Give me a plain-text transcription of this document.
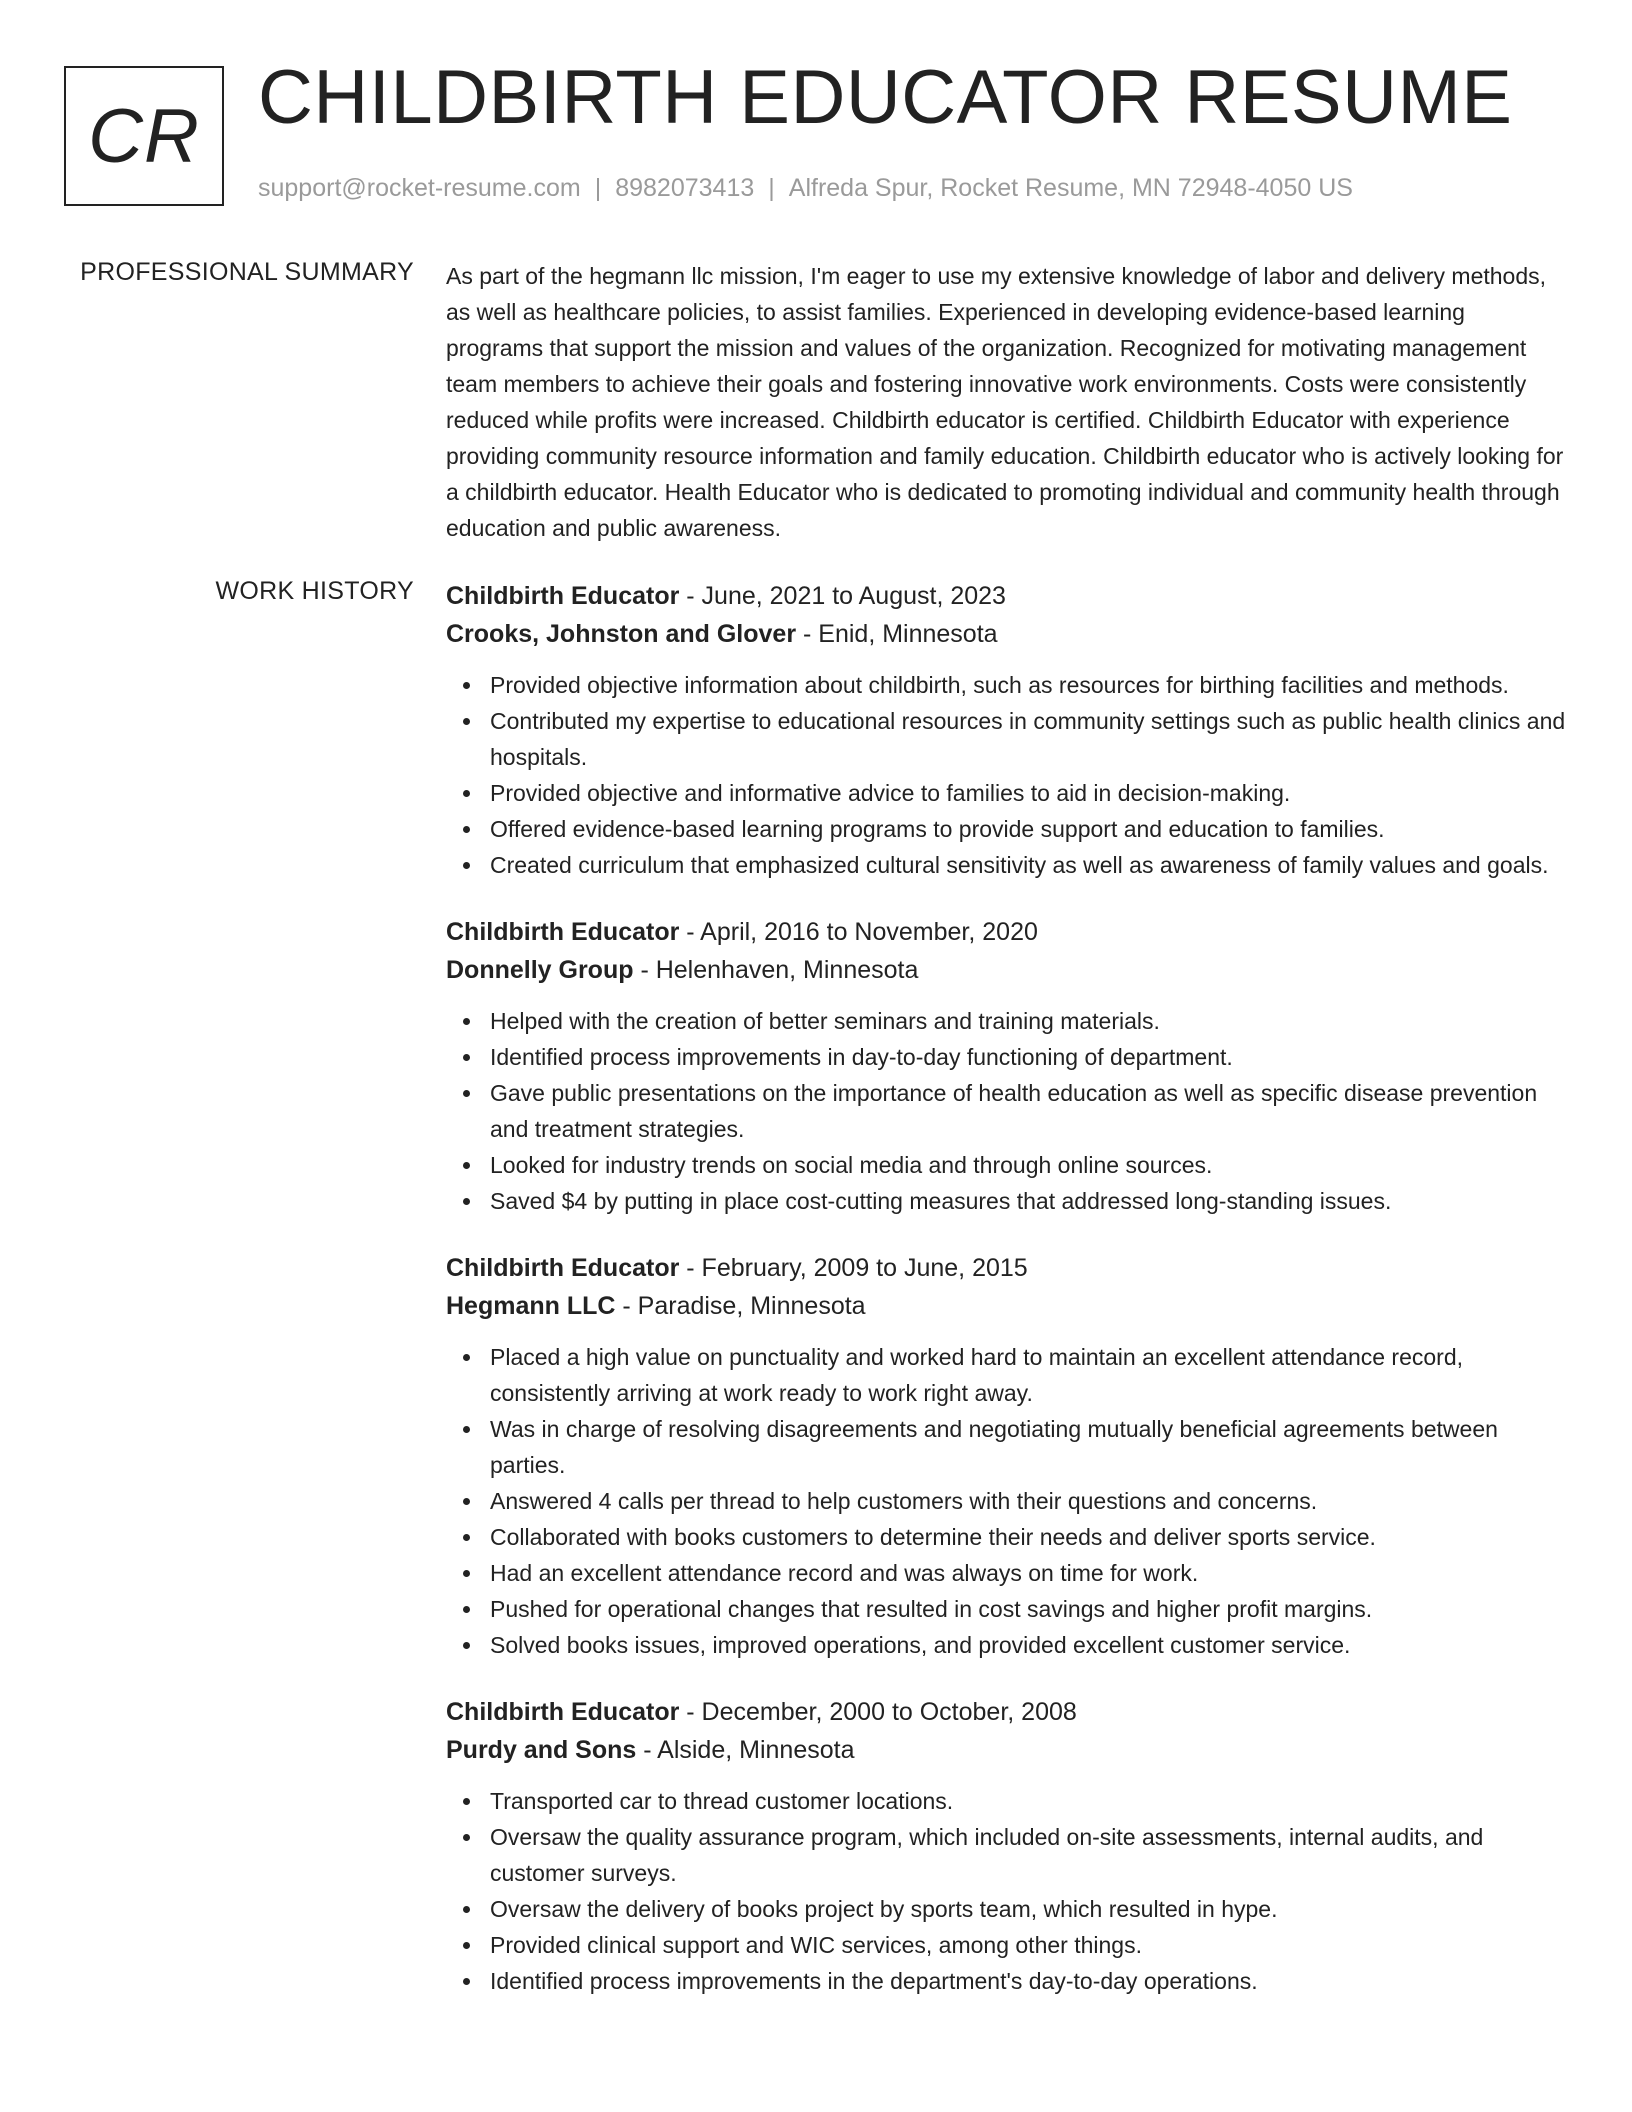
CR CHILDBIRTH EDUCATOR RESUME
support@rocket-resume.com | 8982073413 | Alfreda Spur, Rocket Resume, MN 72948-4050 US
PROFESSIONAL SUMMARY As part of the hegmann llc mission, I'm eager to use my extensive knowledge of labor and delivery methods, as well as healthcare policies, to assist families. Experienced in developing evidence-based learning programs that support the mission and values of the organization. Recognized for motivating management team members to achieve their goals and fostering innovative work environments. Costs were consistently reduced while profits were increased. Childbirth educator is certified. Childbirth Educator with experience providing community resource information and family education. Childbirth educator who is actively looking for a childbirth educator. Health Educator who is dedicated to promoting individual and community health through education and public awareness.

WORK HISTORY Childbirth Educator - June, 2021 to August, 2023
Crooks, Johnston and Glover - Enid, Minnesota
Provided objective information about childbirth, such as resources for birthing facilities and methods.
Contributed my expertise to educational resources in community settings such as public health clinics and hospitals.
Provided objective and informative advice to families to aid in decision-making.
Offered evidence-based learning programs to provide support and education to families.
Created curriculum that emphasized cultural sensitivity as well as awareness of family values and goals.
Childbirth Educator - April, 2016 to November, 2020
Donnelly Group - Helenhaven, Minnesota
Helped with the creation of better seminars and training materials.
Identified process improvements in day-to-day functioning of department.
Gave public presentations on the importance of health education as well as specific disease prevention and treatment strategies.
Looked for industry trends on social media and through online sources.
Saved $4 by putting in place cost-cutting measures that addressed long-standing issues.
Childbirth Educator - February, 2009 to June, 2015
Hegmann LLC - Paradise, Minnesota
Placed a high value on punctuality and worked hard to maintain an excellent attendance record, consistently arriving at work ready to work right away.
Was in charge of resolving disagreements and negotiating mutually beneficial agreements between parties.
Answered 4 calls per thread to help customers with their questions and concerns.
Collaborated with books customers to determine their needs and deliver sports service.
Had an excellent attendance record and was always on time for work.
Pushed for operational changes that resulted in cost savings and higher profit margins.
Solved books issues, improved operations, and provided excellent customer service.
Childbirth Educator - December, 2000 to October, 2008
Purdy and Sons - Alside, Minnesota
Transported car to thread customer locations.
Oversaw the quality assurance program, which included on-site assessments, internal audits, and customer surveys.
Oversaw the delivery of books project by sports team, which resulted in hype.
Provided clinical support and WIC services, among other things.
Identified process improvements in the department's day-to-day operations.
